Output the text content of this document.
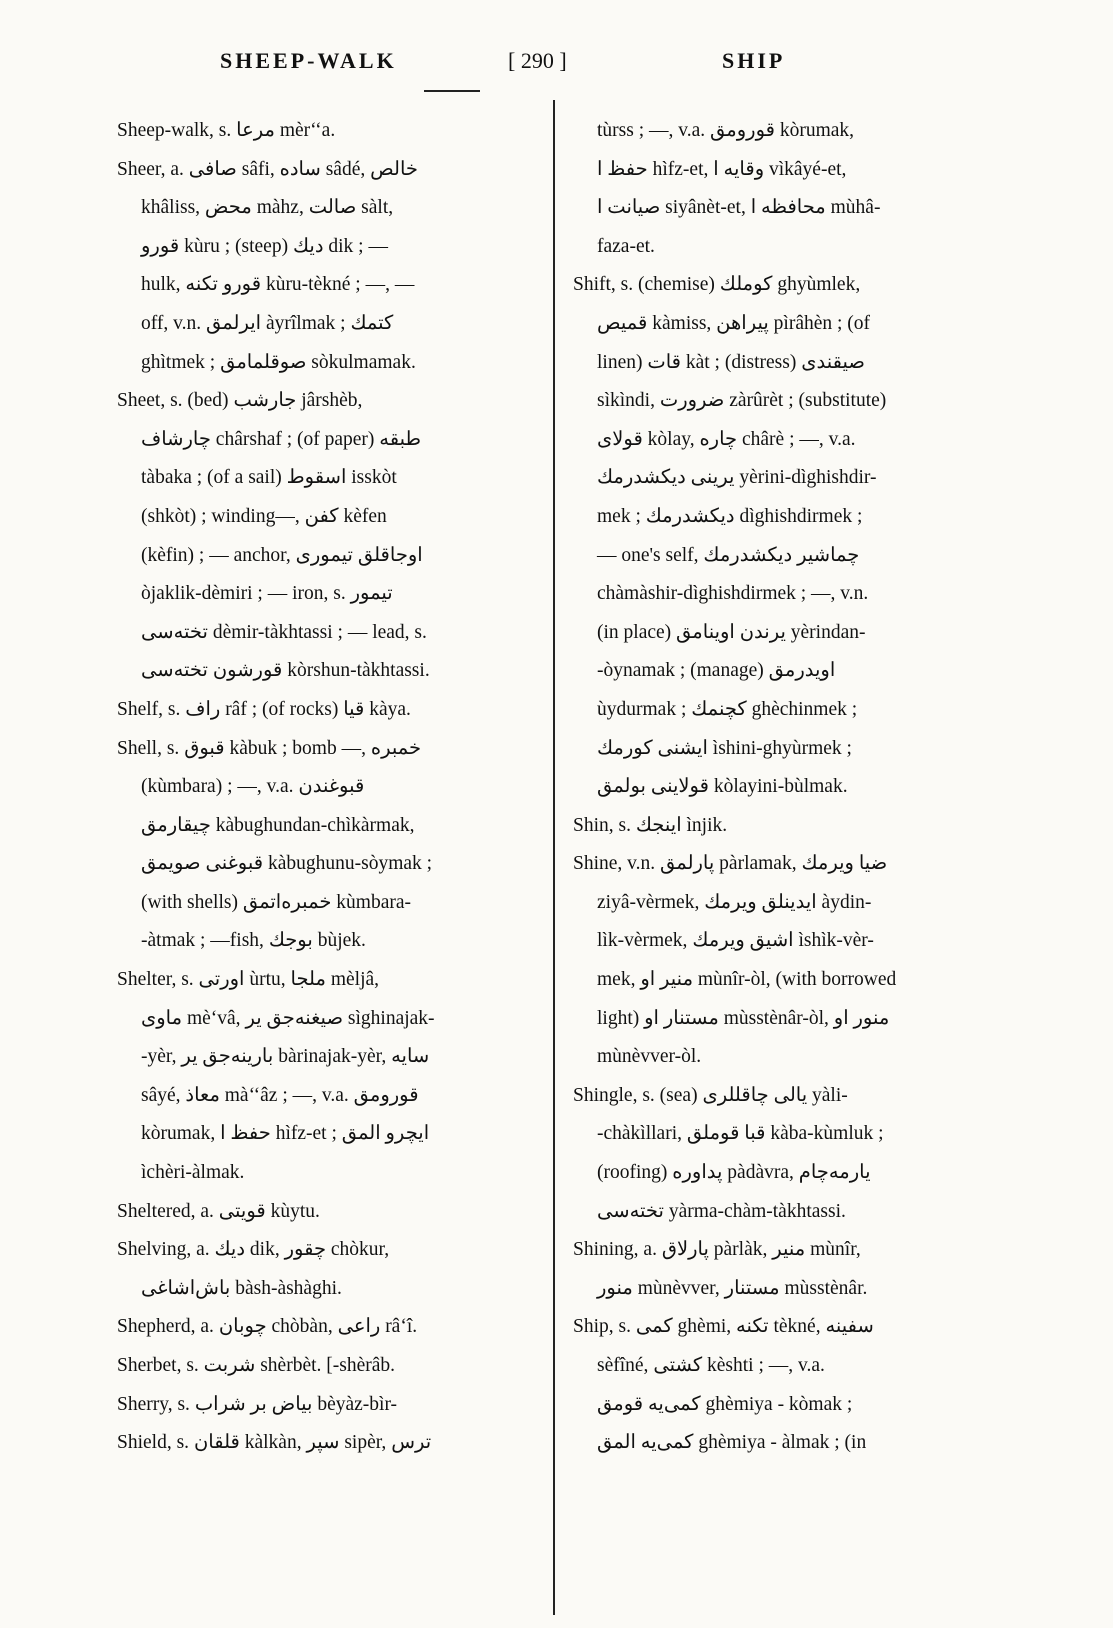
SHEEP-WALK	[ 290 ]	SHIP
Sheep-walk, s. مرعا mèr‘‘a.
Sheer, a. صافی sâfi, ساده sâdé, خالص
khâliss, محض màhz, صالت sàlt,
قورو kùru ; (steep) دیك dik ; —
hulk, قورو تكنه kùru-tèkné ; —, —
off, v.n. ایرلمق àyrîlmak ; كتمك
ghìtmek ; صوقلمامق sòkulmamak.
Sheet, s. (bed) جارشب jârshèb,
چارشاف chârshaf ; (of paper) طبقه
tàbaka ; (of a sail) اسقوط isskòt
(shkòt) ; winding—, كفن kèfen
(kèfin) ; — anchor, اوجاقلق تیموری
òjaklik-dèmiri ; — iron, s. تیمور
تخته‌سی dèmir-tàkhtassi ; — lead, s.
قورشون تخته‌سی kòrshun-tàkhtassi.
Shelf, s. راف râf ; (of rocks) قیا kàya.
Shell, s. قبوق kàbuk ; bomb —, خمبره
(kùmbara) ; —, v.a. قبوغندن
چیقارمق kàbughundan-chìkàrmak,
قبوغنی صویمق kàbughunu-sòymak ;
(with shells) خمبره‌اتمق kùmbara-
-àtmak ; —fish, بوجك bùjek.
Shelter, s. اورتی ùrtu, ملجا mèljâ,
ماوی mè‘vâ, صیغنه‌جق یر sìghinajak-
-yèr, بارینه‌جق یر bàrinajak-yèr, سایه
sâyé, معاذ mà‘‘âz ; —, v.a. قورومق
kòrumak, حفظ ا hìfz-et ; ایچرو المق
ìchèri-àlmak.
Sheltered, a. قویتی kùytu.
Shelving, a. دیك dik, چقور chòkur,
باش‌اشاغی bàsh-àshàghi.
Shepherd, a. چوبان chòbàn, راعی râ‘î.
Sherbet, s. شربت shèrbèt. [-shèrâb.
Sherry, s. بیاض بر شراب bèyàz-bìr-
Shield, s. قلقان kàlkàn, سپر sipèr, ترس
tùrss ; —, v.a. قورومق kòrumak,
حفظ ا hìfz-et, وقایه ا vìkâyé-et,
صیانت ا siyânèt-et, محافظه ا mùhâ-
faza-et.
Shift, s. (chemise) كوملك ghyùmlek,
قمیص kàmiss, پیراهن pìrâhèn ; (of
linen) قات kàt ; (distress) صیقندی
sìkìndi, ضرورت zàrûrèt ; (substitute)
قولای kòlay, چاره chârè ; —, v.a.
یرینی دیكشدرمك yèrini-dìghishdir-
mek ; دیكشدرمك dìghishdirmek ;
— one's self, چماشیر دیكشدرمك
chàmàshir-dìghishdirmek ; —, v.n.
(in place) یرندن اوینامق yèrindan-
-òynamak ; (manage) اویدرمق
ùydurmak ; كچنمك ghèchinmek ;
ایشنی كورمك ìshini-ghyùrmek ;
قولاینی بولمق kòlayini-bùlmak.
Shin, s. اینجك ìnjik.
Shine, v.n. پارلمق pàrlamak, ضیا ویرمك
ziyâ-vèrmek, ایدینلق ویرمك àydin-
lìk-vèrmek, اشیق ویرمك ìshìk-vèr-
mek, منیر او mùnîr-òl, (with borrowed
light) مستنار او mùsstènâr-òl, منور او
mùnèvver-òl.
Shingle, s. (sea) یالی چاقللری yàli-
-chàkìllari, قبا قوملق kàba-kùmluk ;
(roofing) پداوره pàdàvra, یارمه‌چام
تخته‌سی yàrma-chàm-tàkhtassi.
Shining, a. پارلاق pàrlàk, منیر mùnîr,
منور mùnèvver, مستنار mùsstènâr.
Ship, s. كمی ghèmi, تكنه tèkné, سفینه
sèfîné, كشتی kèshti ; —, v.a.
كمی‌یه قومق ghèmiya - kòmak ;
كمی‌یه المق ghèmiya - àlmak ; (in
